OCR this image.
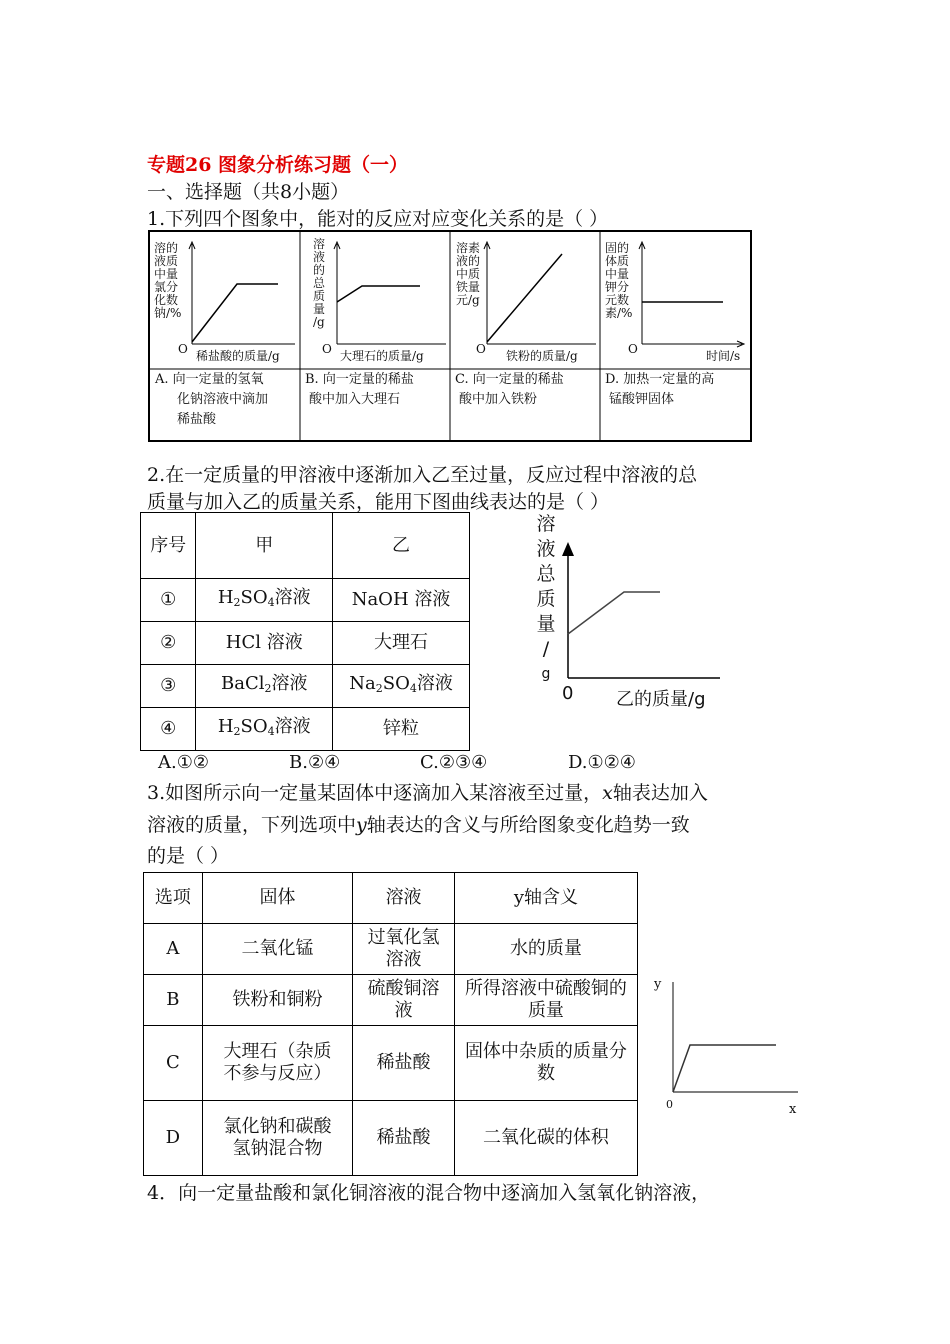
专题26 图象分析练习题（一）
一、选择题（共8小题）
1.下列四个图象中，能对的反应对应变化关系的是（ ）
溶的
液质
中量
氯分
化数
钠/%
O 稀盐酸的质量/g
溶
液
的
总
质
量
/g
O 大理石的质量/g
溶素
液的
中质
铁量
元/g
O 铁粉的质量/g
固的
体质
中量
钾分
元数
素/%
O	时间/s
A. 向一定量的氢氧
化钠溶液中滴加
稀盐酸
B. 向一定量的稀盐
酸中加入大理石
C. 向一定量的稀盐
酸中加入铁粉
D. 加热一定量的高
锰酸钾固体
2.在一定质量的甲溶液中逐渐加入乙至过量，反应过程中溶液的总
质量与加入乙的质量关系，能用下图曲线表达的是（ ）
序号	甲	乙
①	$H_2SO_4$溶液	NaOH 溶液
②	HCl 溶液	大理石
③	BaCl$_2$溶液	$Na_2SO_4$溶液
④	$H_2SO_4$溶液	锌粒
溶
液
总
质
量
/
g
0 乙的质量/g
A.①②	B.②④	C.②③④	D.①②④
3.如图所示向一定量某固体中逐滴加入某溶液至过量，x轴表达加入
溶液的质量，下列选项中y轴表达的含义与所给图象变化趋势一致
的是（ ）
选项	固体	溶液	y轴含义
A	二氧化锰	过氧化氢溶液	水的质量
B	铁粉和铜粉	硫酸铜溶液	所得溶液中硫酸铜的质量
C	大理石（杂质不参与反应）	稀盐酸	固体中杂质的质量分数
D	氯化钠和碳酸氢钠混合物	稀盐酸	二氧化碳的体积
y
0	x
4．向一定量盐酸和氯化铜溶液的混合物中逐滴加入氢氧化钠溶液，
